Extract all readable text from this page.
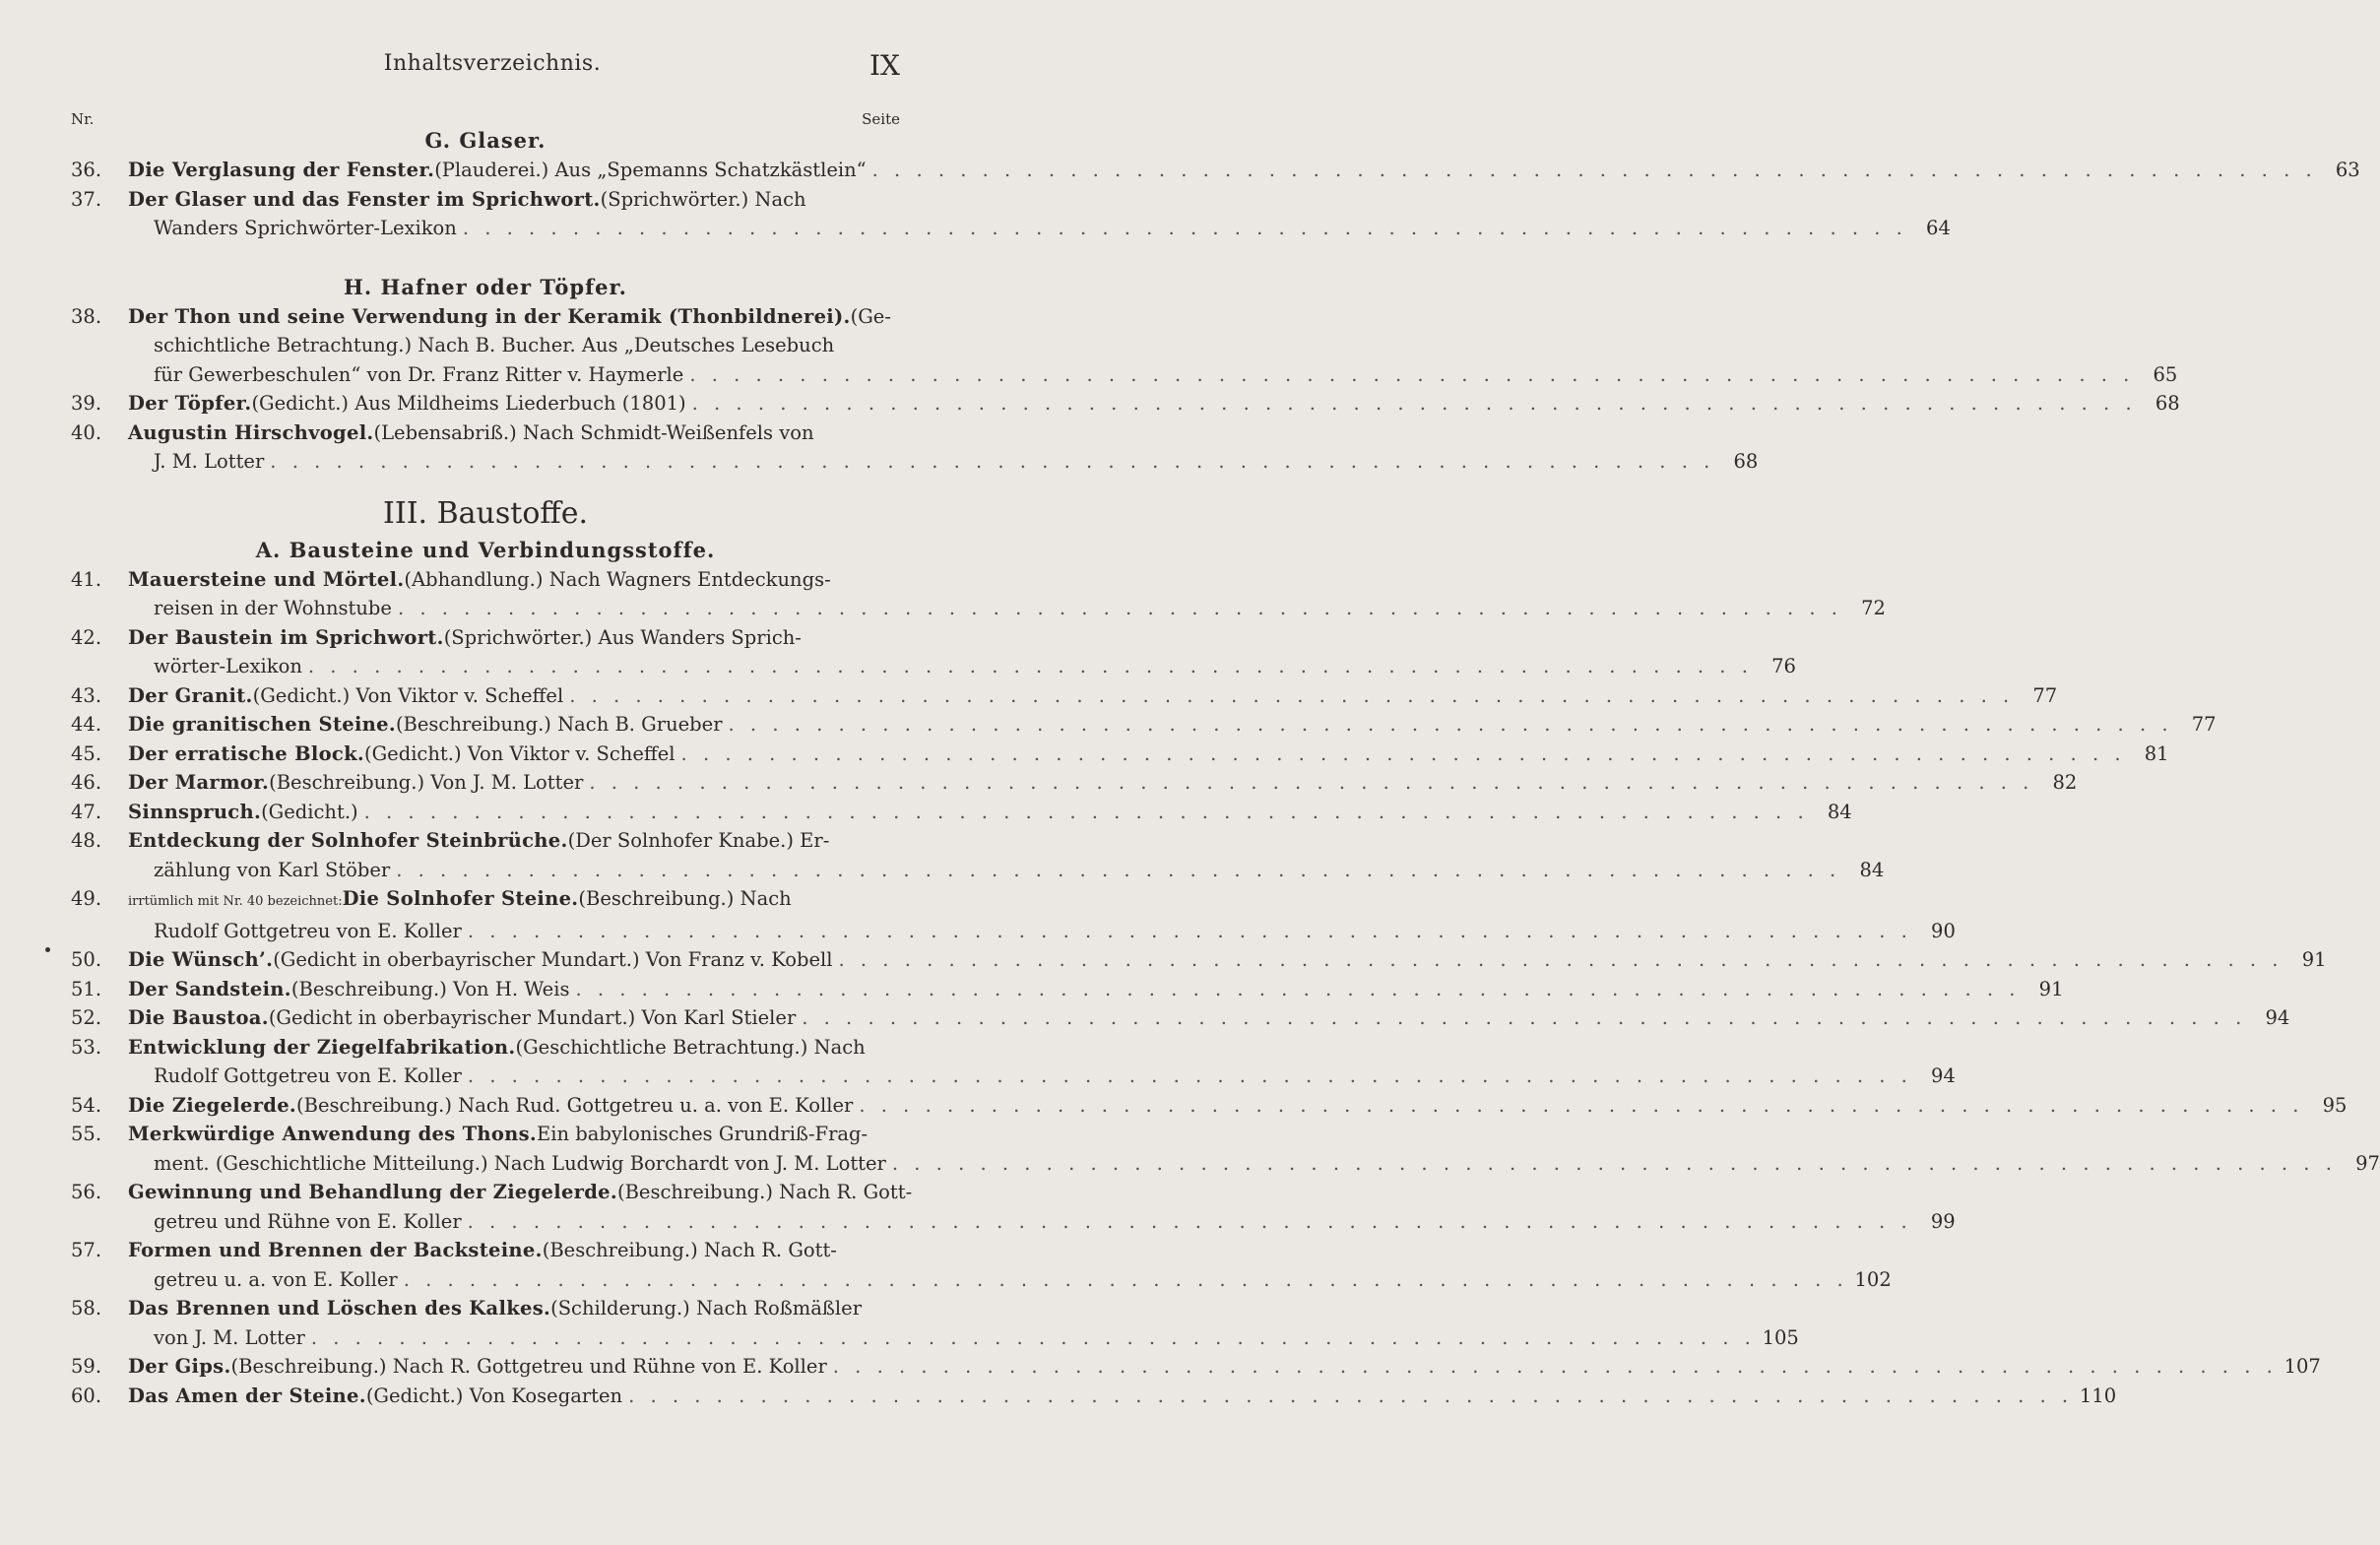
Inhaltsverzeichnis.	IX
Nr.	Seite
G. Glaser.
36.	Die Verglasung der Fenster. (Plauderei.) Aus „Spemanns Schatzkästlein“ . . .	63
37.	Der Glaser und das Fenster im Sprichwort. (Sprichwörter.) Nach
Wanders Sprichwörter-Lexikon . . .	64
H. Hafner oder Töpfer.
38.	Der Thon und seine Verwendung in der Keramik (Thonbildnerei). (Ge-
schichtliche Betrachtung.) Nach B. Bucher. Aus „Deutsches Lesebuch
für Gewerbeschulen“ von Dr. Franz Ritter v. Haymerle . . .	65
39.	Der Töpfer. (Gedicht.) Aus Mildheims Liederbuch (1801) . . .	68
40.	Augustin Hirschvogel. (Lebensabriß.) Nach Schmidt-Weißenfels von
J. M. Lotter . . .	68
III. Baustoffe.
A. Bausteine und Verbindungsstoffe.
41.	Mauersteine und Mörtel. (Abhandlung.) Nach Wagners Entdeckungs-
reisen in der Wohnstube . . .	72
42.	Der Baustein im Sprichwort. (Sprichwörter.) Aus Wanders Sprich-
wörter-Lexikon . . .	76
43.	Der Granit. (Gedicht.) Von Viktor v. Scheffel . . .	77
44.	Die granitischen Steine. (Beschreibung.) Nach B. Grueber . . .	77
45.	Der erratische Block. (Gedicht.) Von Viktor v. Scheffel . . .	81
46.	Der Marmor. (Beschreibung.) Von J. M. Lotter . . .	82
47.	Sinnspruch. (Gedicht.) . . .	84
48.	Entdeckung der Solnhofer Steinbrüche. (Der Solnhofer Knabe.) Er-
zählung von Karl Stöber . . .	84
49.	irrtümlich mit Nr. 40 bezeichnet: Die Solnhofer Steine. (Beschreibung.) Nach
Rudolf Gottgetreu von E. Koller . . .	90
50.	Die Wünsch’. (Gedicht in oberbayrischer Mundart.) Von Franz v. Kobell . . .	91
51.	Der Sandstein. (Beschreibung.) Von H. Weis . . .	91
52.	Die Baustoa. (Gedicht in oberbayrischer Mundart.) Von Karl Stieler . . .	94
53.	Entwicklung der Ziegelfabrikation. (Geschichtliche Betrachtung.) Nach
Rudolf Gottgetreu von E. Koller . . .	94
54.	Die Ziegelerde. (Beschreibung.) Nach Rud. Gottgetreu u. a. von E. Koller . . .	95
55.	Merkwürdige Anwendung des Thons. Ein babylonisches Grundriß-Frag-
ment. (Geschichtliche Mitteilung.) Nach Ludwig Borchardt von J. M. Lotter . . .	97
56.	Gewinnung und Behandlung der Ziegelerde. (Beschreibung.) Nach R. Gott-
getreu und Rühne von E. Koller . . .	99
57.	Formen und Brennen der Backsteine. (Beschreibung.) Nach R. Gott-
getreu u. a. von E. Koller . . .	102
58.	Das Brennen und Löschen des Kalkes. (Schilderung.) Nach Roßmäßler
von J. M. Lotter . . .	105
59.	Der Gips. (Beschreibung.) Nach R. Gottgetreu und Rühne von E. Koller . . .	107
60.	Das Amen der Steine. (Gedicht.) Von Kosegarten . . .	110
